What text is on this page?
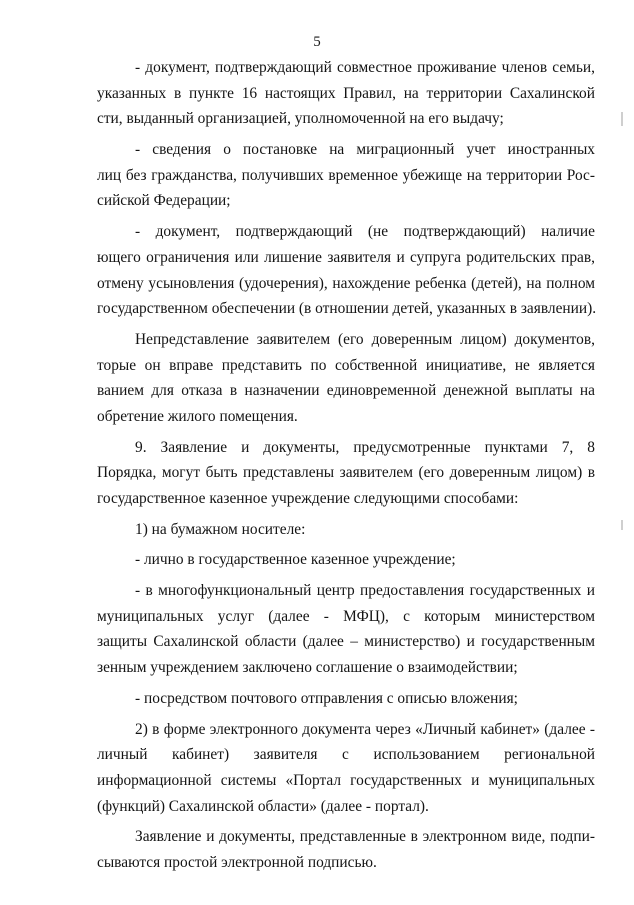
5
- документ, подтверждающий совместное проживание членов семьи,
указанных в пункте 16 настоящих Правил, на территории Сахалинской
сти, выданный организацией, уполномоченной на его выдачу;
- сведения о постановке на миграционный учет иностранных
лиц без гражданства, получивших временное убежище на территории Рос-
сийской Федерации;
- документ, подтверждающий (не подтверждающий) наличие
ющего ограничения или лишение заявителя и супруга родительских прав,
отмену усыновления (удочерения), нахождение ребенка (детей), на полном
государственном обеспечении (в отношении детей, указанных в заявлении).
Непредставление заявителем (его доверенным лицом) документов,
торые он вправе представить по собственной инициативе, не является
ванием для отказа в назначении единовременной денежной выплаты на
обретение жилого помещения.
9. Заявление и документы, предусмотренные пунктами 7, 8
Порядка, могут быть представлены заявителем (его доверенным лицом) в
государственное казенное учреждение следующими способами:
1) на бумажном носителе:
- лично в государственное казенное учреждение;
- в многофункциональный центр предоставления государственных и
муниципальных услуг (далее - МФЦ), с которым министерством
защиты Сахалинской области (далее – министерство) и государственным
зенным учреждением заключено соглашение о взаимодействии;
- посредством почтового отправления с описью вложения;
2) в форме электронного документа через «Личный кабинет» (далее -
личный кабинет) заявителя с использованием региональной
информационной системы «Портал государственных и муниципальных
(функций) Сахалинской области» (далее - портал).
Заявление и документы, представленные в электронном виде, подпи-
сываются простой электронной подписью.
